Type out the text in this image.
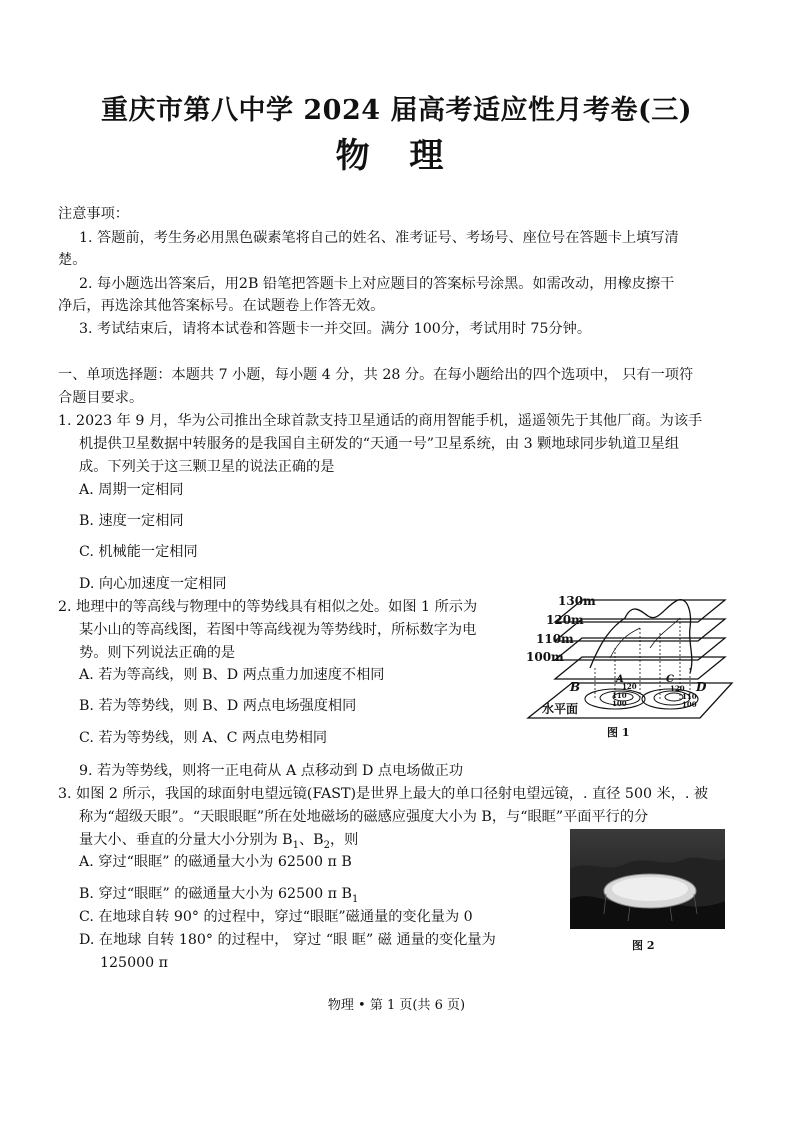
重庆市第八中学 2024 届高考适应性月考卷(三)
物 理
注意事项：
1. 答题前，考生务必用黑色碳素笔将自己的姓名、准考证号、考场号、座位号在答题卡上填写清
楚。
2. 每小题选出答案后，用2B 铅笔把答题卡上对应题目的答案标号涂黑。如需改动，用橡皮擦干
净后，再选涂其他答案标号。在试题卷上作答无效。
3. 考试结束后，请将本试卷和答题卡一并交回。满分 100分，考试用时 75分钟。
一、单项选择题：本题共 7 小题，每小题 4 分，共 28 分。在每小题给出的四个选项中， 只有一项符
合题目要求。
1. 2023 年 9 月，华为公司推出全球首款支持卫星通话的商用智能手机，遥遥领先于其他厂商。为该手
机提供卫星数据中转服务的是我国自主研发的“天通一号”卫星系统，由 3 颗地球同步轨道卫星组
成。下列关于这三颗卫星的说法正确的是
A. 周期一定相同
B. 速度一定相同
C. 机械能一定相同
D. 向心加速度一定相同
2. 地理中的等高线与物理中的等势线具有相似之处。如图 1 所示为
某小山的等高线图，若图中等高线视为等势线时，所标数字为电
势。则下列说法正确的是
A. 若为等高线，则 B、D 两点重力加速度不相同
B. 若为等势线，则 B、D 两点电场强度相同
C. 若为等势线，则 A、C 两点电势相同
9. 若为等势线，则将一正电荷从 A 点移动到 D 点电场做正功
130m
120m
110m
100m
B
A	C
D
120
110
100
120
110
100
水平面
图 1
3. 如图 2 所示，我国的球面射电望远镜(FAST)是世界上最大的单口径射电望远镜，. 直径 500 米，. 被
称为“超级天眼”。“天眼眼眶”所在处地磁场的磁感应强度大小为 B，与“眼眶”平面平行的分
量大小、垂直的分量大小分别为 $B_1$、$B_2$，则
A. 穿过“眼眶” 的磁通量大小为 62500 π B
B. 穿过“眼眶” 的磁通量大小为 62500 π $B_1$
C. 在地球自转 90° 的过程中，穿过“眼眶”磁通量的变化量为 0
D. 在地球 自转 180° 的过程中， 穿过 “眼 眶” 磁 通量的变化量为
125000 π
图 2
物理 • 第 1 页(共 6 页)
